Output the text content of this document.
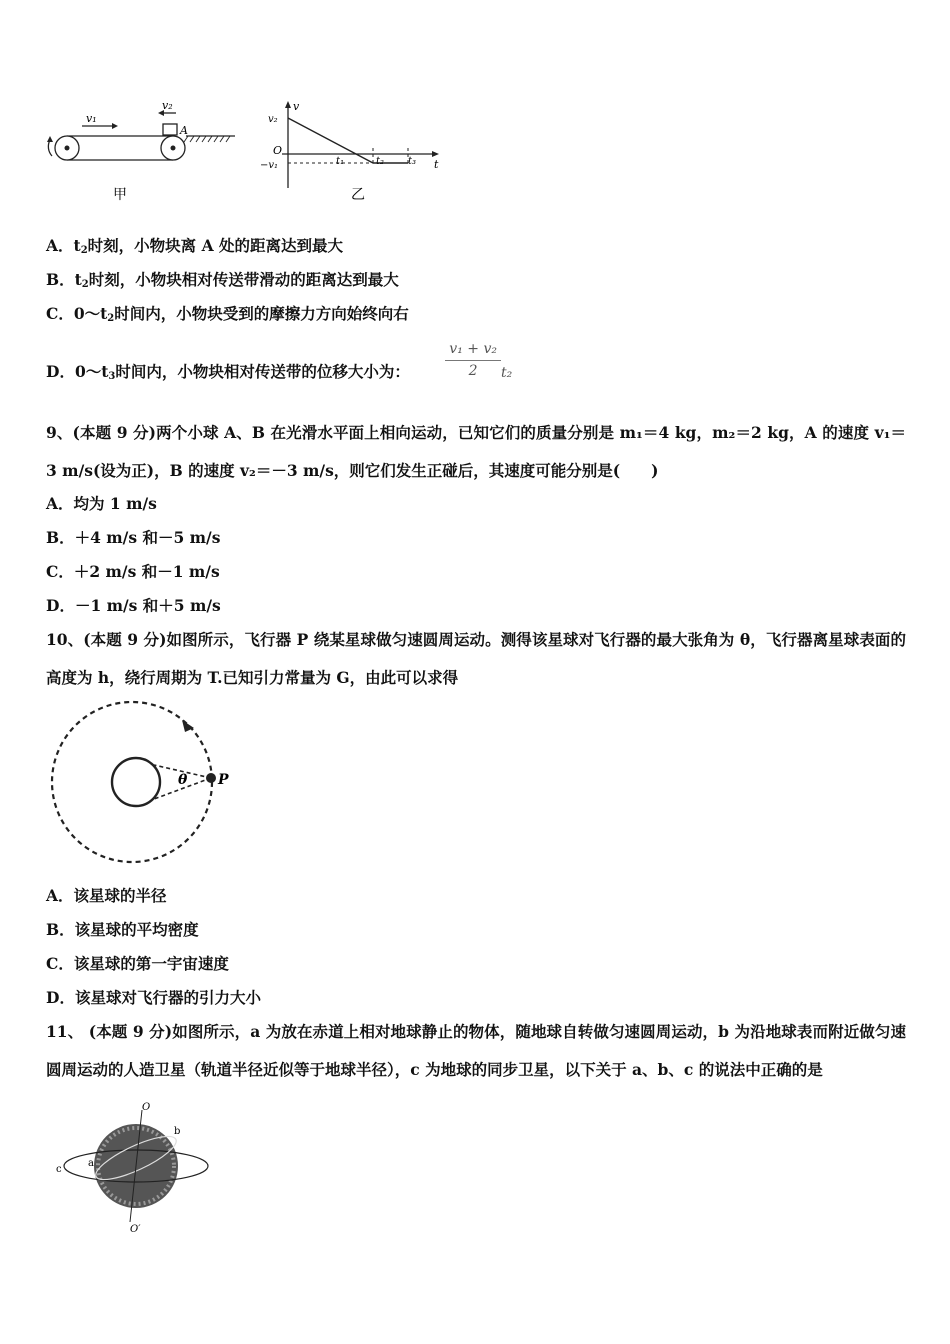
v₁
v₂
A
甲
v
t
O
v₂
−v₁	t₁	t₂ t₃
乙
A．$t_2$时刻，小物块离 A 处的距离达到最大
B．$t_2$时刻，小物块相对传送带滑动的距离达到最大
C．$0\sim t_2$时间内，小物块受到的摩擦力方向始终向右
D．$0\sim t_3$时间内，小物块相对传送带的位移大小为：	$\frac{\text{v₁ + v₂}}{2} t_2$
9、(本题 9 分)两个小球 A、B 在光滑水平面上相向运动，已知它们的质量分别是 m₁＝4 kg，m₂＝2 kg，A 的速度 v₁＝3 m/s(设为正)，B 的速度 v₂＝－3 m/s，则它们发生正碰后，其速度可能分别是(　　)
A．均为 1 m/s
B．＋4 m/s 和－5 m/s
C．＋2 m/s 和－1 m/s
D．－1 m/s 和＋5 m/s
10、(本题 9 分)如图所示，飞行器 P 绕某星球做匀速圆周运动。测得该星球对飞行器的最大张角为 θ，飞行器离星球表面的高度为 h，绕行周期为 T.已知引力常量为 G，由此可以求得
θ P
A．该星球的半径
B．该星球的平均密度
C．该星球的第一宇宙速度
D．该星球对飞行器的引力大小
11、 (本题 9 分)如图所示，a 为放在赤道上相对地球静止的物体，随地球自转做匀速圆周运动，b 为沿地球表而附近做匀速圆周运动的人造卫星（轨道半径近似等于地球半径），c 为地球的同步卫星，以下关于 a、b、c 的说法中正确的是
O
O′
a
b
c
